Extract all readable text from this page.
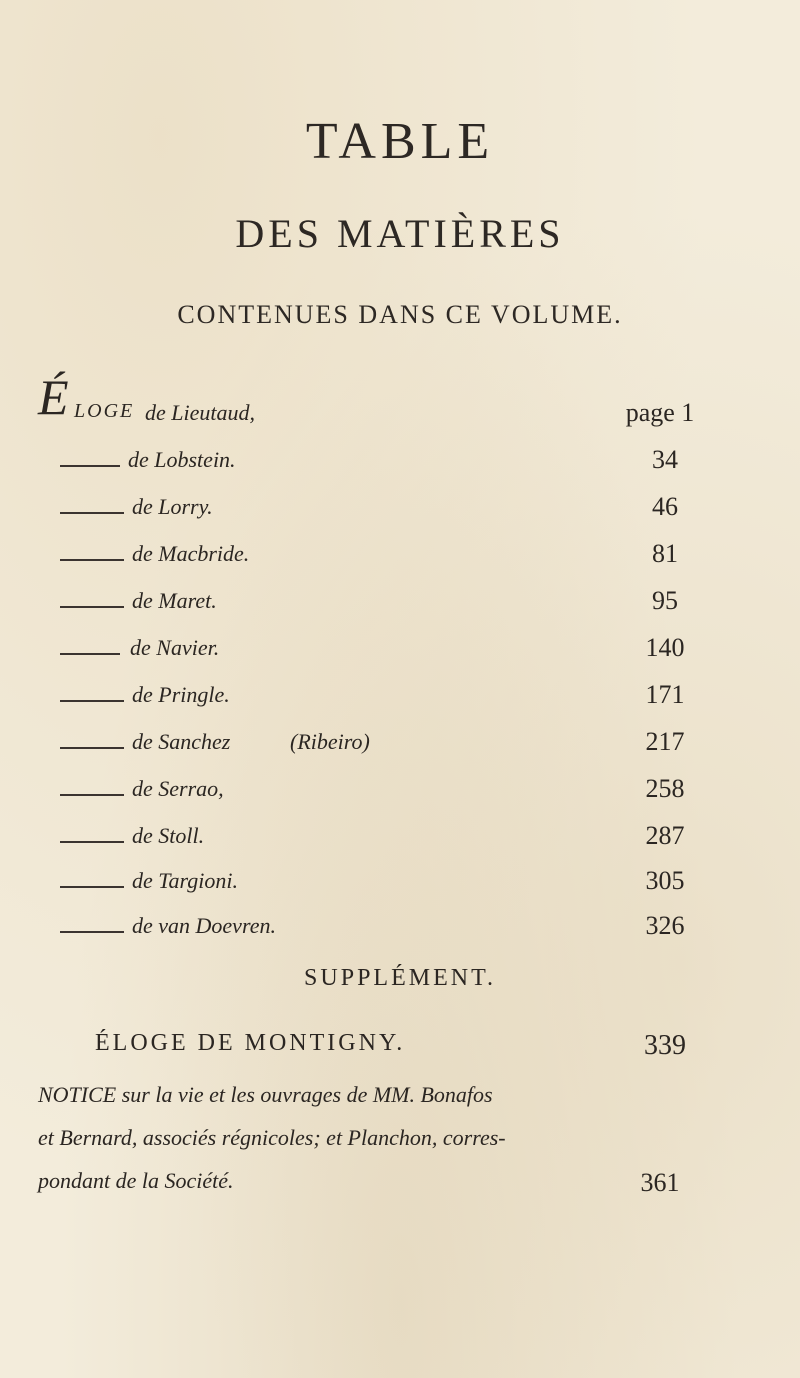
TABLE
DES MATIÈRES
CONTENUES DANS CE VOLUME.
É LOGE de Lieutaud,	page 1
de Lobstein.	34
de Lorry.	46
de Macbride.	81
de Maret.	95
de Navier.	140
de Pringle.	171
de Sanchez	(Ribeiro)	217
de Serrao,	258
de Stoll.	287
de Targioni.	305
de van Doevren.	326
SUPPLÉMENT.
ÉLOGE DE MONTIGNY.	339
NOTICE sur la vie et les ouvrages de MM. Bonafos
et Bernard, associés régnicoles; et Planchon, corres-
pondant de la Société.	361
